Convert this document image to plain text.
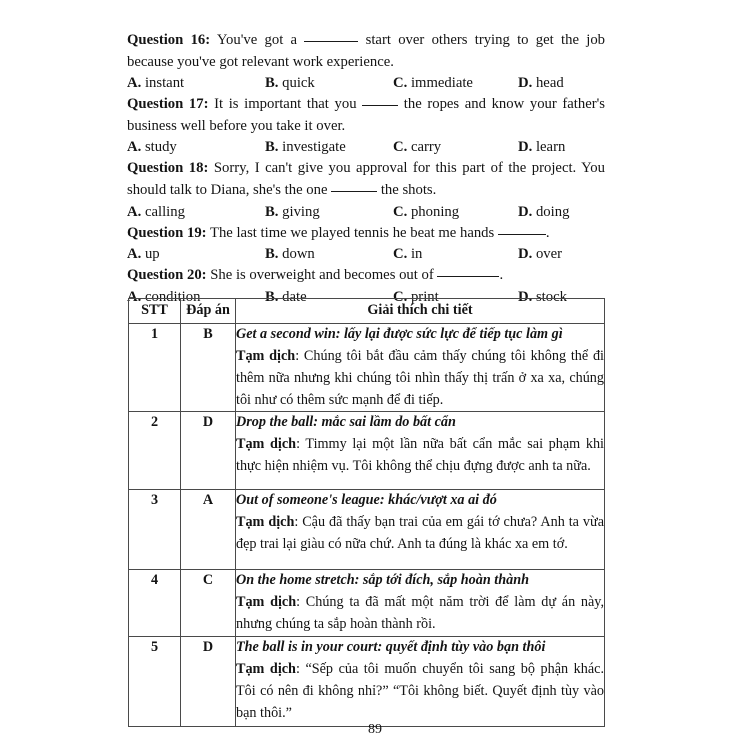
Question 16: You've got a	start over others trying to get the job because you've got relevant work experience.
A. instant	B. quick	C. immediate	D. head
Question 17: It is important that you  the ropes and know your father's business well before you take it over.
A. study	B. investigate	C. carry	D. learn
Question 18: Sorry, I can't give you approval for this part of the project. You should talk to Diana, she's the one	the shots.
A. calling	B. giving	C. phoning	D. doing
Question 19: The last time we played tennis he beat me hands	.
A. up	B. down	C. in	D. over
Question 20: She is overweight and becomes out of	.
A. condition	B. date	C. print	D. stock
STT	Đáp án	Giải thích chi tiết
1	B	Get a second win: lấy lại được sức lực để tiếp tục làm gì
Tạm dịch: Chúng tôi bắt đầu cảm thấy chúng tôi không thể đi thêm nữa nhưng khi chúng tôi nhìn thấy thị trấn ở xa xa, chúng tôi như có thêm sức mạnh để đi tiếp.

2	D	Drop the ball: mắc sai lầm do bất cẩn
Tạm dịch: Timmy lại một lần nữa bất cẩn mắc sai phạm khi thực hiện nhiệm vụ. Tôi không thể chịu đựng được anh ta nữa.

3	A	Out of someone's league: khác/vượt xa ai đó
Tạm dịch: Cậu đã thấy bạn trai của em gái tớ chưa? Anh ta vừa đẹp trai lại giàu có nữa chứ. Anh ta đúng là khác xa em tớ.

4	C	On the home stretch: sắp tới đích, sắp hoàn thành
Tạm dịch: Chúng ta đã mất một năm trời để làm dự án này, nhưng chúng ta sắp hoàn thành rồi.

5	D	The ball is in your court: quyết định tùy vào bạn thôi
Tạm dịch: “Sếp của tôi muốn chuyển tôi sang bộ phận khác. Tôi có nên đi không nhỉ?” “Tôi không biết. Quyết định tùy vào bạn thôi.”
89
